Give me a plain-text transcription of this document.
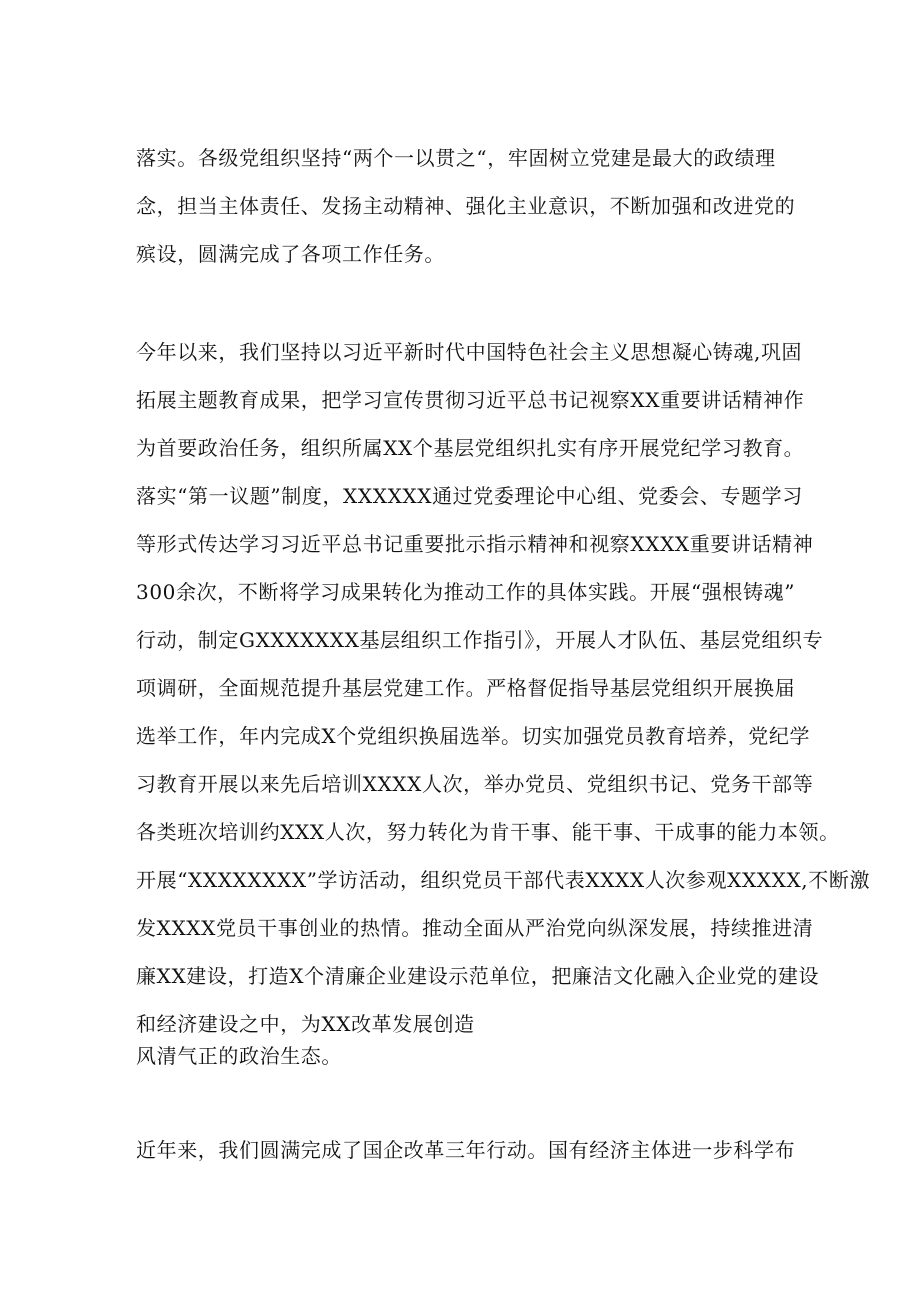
落实。各级党组织坚持“两个一以贯之“，牢固树立党建是最大的政绩理
念，担当主体责任、发扬主动精神、强化主业意识，不断加强和改进党的
殡设，圆满完成了各项工作任务。
今年以来，我们坚持以习近平新时代中国特色社会主义思想凝心铸魂,巩固
拓展主题教育成果，把学习宣传贯彻习近平总书记视察XX重要讲话精神作
为首要政治任务，组织所属XX个基层党组织扎实有序开展党纪学习教育。
落实“第一议题”制度，XXXXXX通过党委理论中心组、党委会、专题学习
等形式传达学习习近平总书记重要批示指示精神和视察XXXX重要讲话精神
300余次，不断将学习成果转化为推动工作的具体实践。开展“强根铸魂”
行动，制定GXXXXXXX基层组织工作指引》，开展人才队伍、基层党组织专
项调研，全面规范提升基层党建工作。严格督促指导基层党组织开展换届
选举工作，年内完成X个党组织换届选举。切实加强党员教育培养，党纪学
习教育开展以来先后培训XXXX人次，举办党员、党组织书记、党务干部等
各类班次培训约XXX人次，努力转化为肯干事、能干事、干成事的能力本领。
开展“XXXXXXXX”学访活动，组织党员干部代表XXXX人次参观XXXXX,不断激
发XXXX党员干事创业的热情。推动全面从严治党向纵深发展，持续推进清
廉XX建设，打造X个清廉企业建设示范单位，把廉洁文化融入企业党的建设
和经济建设之中，为XX改革发展创造
风清气正的政治生态。
近年来，我们圆满完成了国企改革三年行动。国有经济主体进一步科学布
